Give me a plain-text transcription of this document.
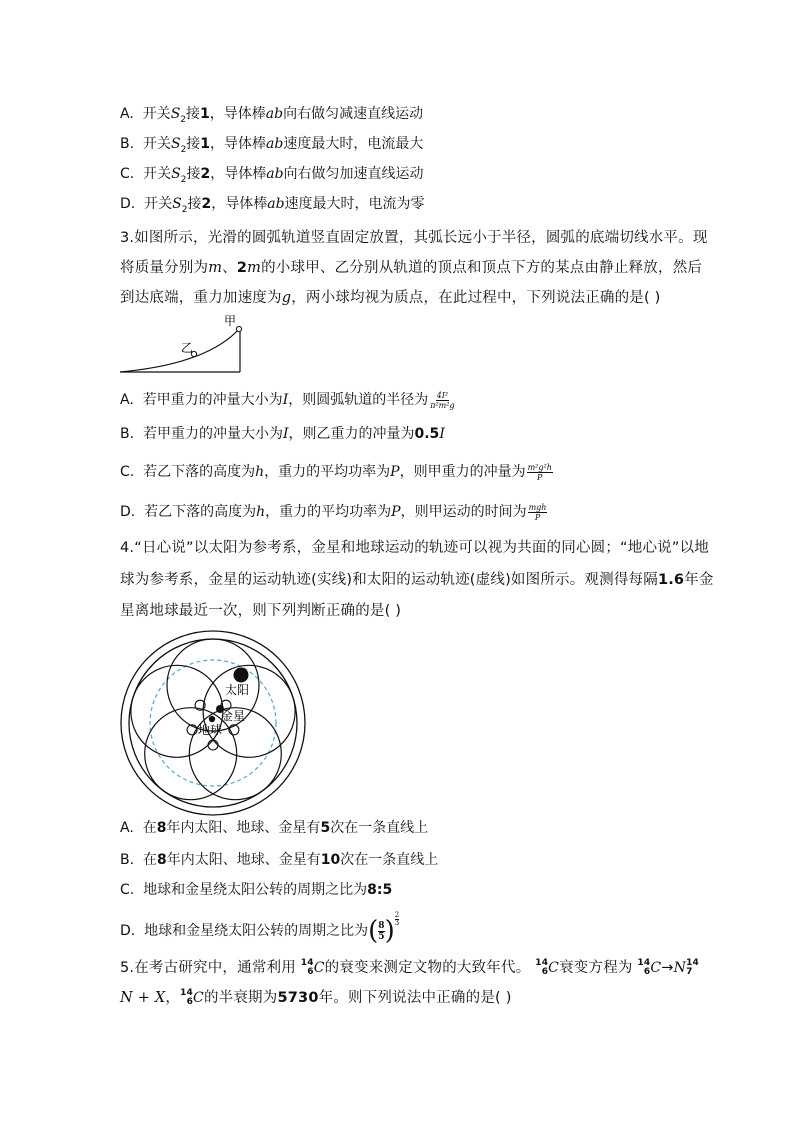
A. 开关$S_2$接1，导体棒ab向右做匀减速直线运动
B. 开关$S_2$接1，导体棒ab速度最大时，电流最大
C. 开关$S_2$接2，导体棒ab向右做匀加速直线运动
D. 开关$S_2$接2，导体棒ab速度最大时，电流为零
3.如图所示，光滑的圆弧轨道竖直固定放置，其弧长远小于半径，圆弧的底端切线水平。现
将质量分别为m、2m的小球甲、乙分别从轨道的顶点和顶点下方的某点由静止释放，然后
到达底端，重力加速度为g，两小球均视为质点，在此过程中，下列说法正确的是( )
甲
乙
A. 若甲重力的冲量大小为I，则圆弧轨道的半径为 $\frac{\text{4I²}}{\text{π²m²g}}$
B. 若甲重力的冲量大小为I，则乙重力的冲量为0.5I
C. 若乙下落的高度为h，重力的平均功率为P，则甲重力的冲量为 $\frac{\text{m²g²h}}{P}$
D. 若乙下落的高度为h，重力的平均功率为P，则甲运动的时间为 $\frac{\text{mgh}}{P}$
4.“日心说”以太阳为参考系，金星和地球运动的轨迹可以视为共面的同心圆；“地心说”以地
球为参考系，金星的运动轨迹(实线)和太阳的运动轨迹(虚线)如图所示。观测得每隔1.6年金
星离地球最近一次，则下列判断正确的是( )
太阳
金星
地球
A. 在8年内太阳、地球、金星有5次在一条直线上
B. 在8年内太阳、地球、金星有10次在一条直线上
C. 地球和金星绕太阳公转的周期之比为8:5
D. 地球和金星绕太阳公转的周期之比为 ( $\frac{8}{5}$ ) $\frac{2}{3}$
5.在考古研究中，通常利用 14
6 C 的衰变来测定文物的大致年代。 14
6 C 衰变方程为 14
6 C → N 14
7
N + X， 14
6 C 的半衰期为5730年。则下列说法中正确的是( )
